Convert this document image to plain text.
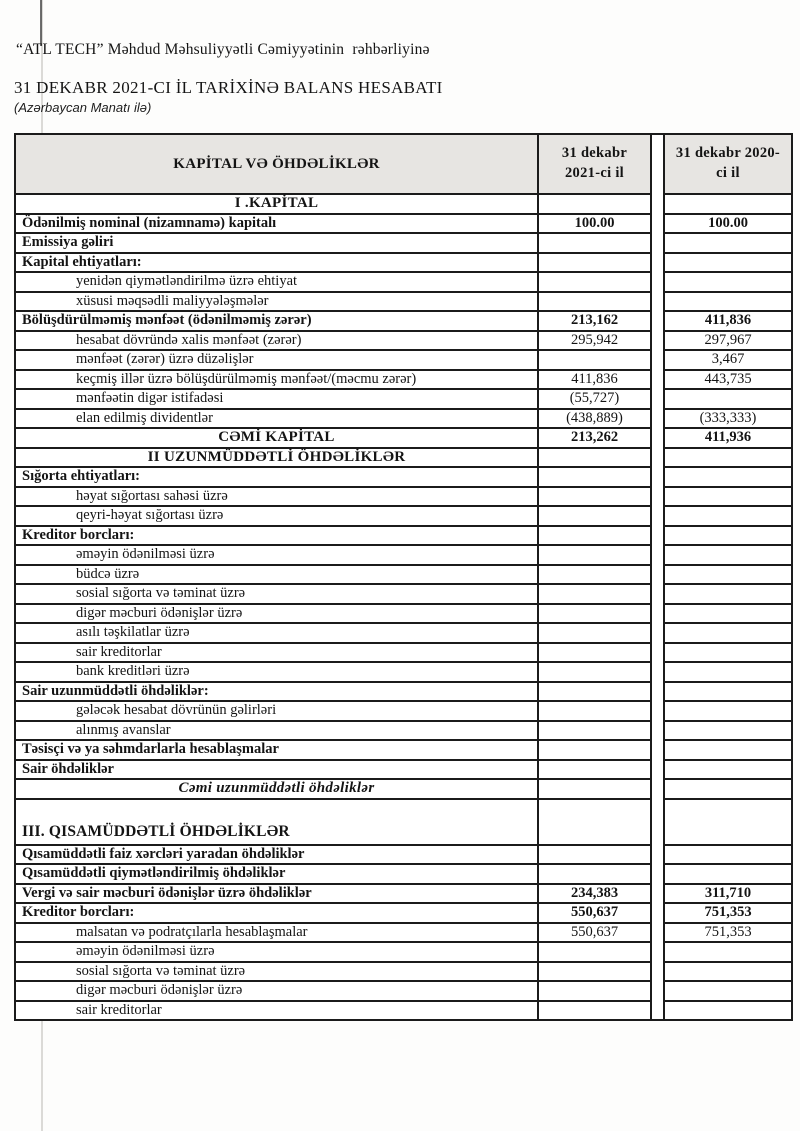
“ATL TECH” Məhdud Məhsuliyyətli Cəmiyyətinin  rəhbərliyinə
31 DEKABR 2021-CI İL TARİXİNƏ BALANS HESABATI
(Azərbaycan Manatı ilə)
KAPİTAL VƏ ÖHDƏLİKLƏR	31 dekabr 2021-ci il		31 dekabr 2020-ci il
I .KAPİTAL			
Ödənilmiş nominal (nizamnamə) kapitalı	100.00		100.00
Emissiya gəliri			
Kapital ehtiyatları:			
yenidən qiymətləndirilmə üzrə ehtiyat			
xüsusi məqsədli maliyyələşmələr			
Bölüşdürülməmiş mənfəət (ödənilməmiş zərər)	213,162		411,836
hesabat dövründə xalis mənfəət (zərər)	295,942		297,967
mənfəət (zərər) üzrə düzəlişlər			3,467
keçmiş illər üzrə bölüşdürülməmiş mənfəət/(məcmu zərər)	411,836		443,735
mənfəətin digər istifadəsi	(55,727)		
elan edilmiş dividentlər	(438,889)		(333,333)
CƏMİ KAPİTAL	213,262		411,936
II UZUNMÜDDƏTLİ ÖHDƏLİKLƏR			
Sığorta ehtiyatları:			
həyat sığortası sahəsi üzrə			
qeyri-həyat sığortası üzrə			
Kreditor borcları:			
əməyin ödənilməsi üzrə			
büdcə üzrə			
sosial sığorta və təminat üzrə			
digər məcburi ödənişlər üzrə			
asılı təşkilatlar üzrə			
sair kreditorlar			
bank kreditləri üzrə			
Sair uzunmüddətli öhdəliklər:			
gələcək hesabat dövrünün gəlirləri			
alınmış avanslar			
Təsisçi və ya səhmdarlarla hesablaşmalar			
Sair öhdəliklər			
Cəmi uzunmüddətli öhdəliklər			
III. QISAMÜDDƏTLİ ÖHDƏLİKLƏR			
Qısamüddətli faiz xərcləri yaradan öhdəliklər			
Qısamüddətli qiymətləndirilmiş öhdəliklər			
Vergi və sair məcburi ödənişlər üzrə öhdəliklər	234,383		311,710
Kreditor borcları:	550,637		751,353
malsatan və podratçılarla hesablaşmalar	550,637		751,353
əməyin ödənilməsi üzrə			
sosial sığorta və təminat üzrə			
digər məcburi ödənişlər üzrə			
sair kreditorlar			
